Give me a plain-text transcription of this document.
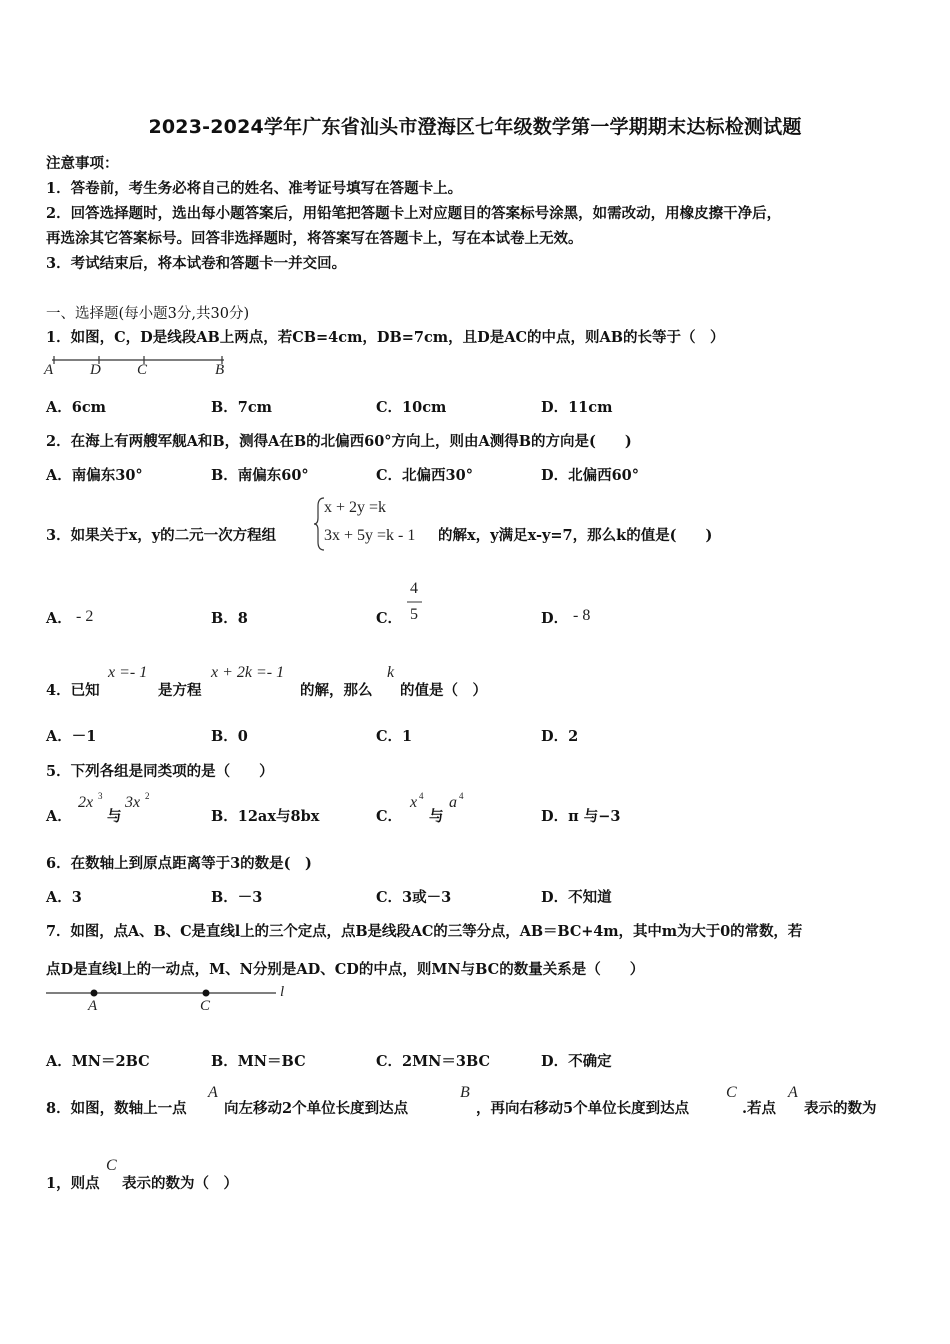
2023-2024学年广东省汕头市澄海区七年级数学第一学期期末达标检测试题
注意事项：
1．答卷前，考生务必将自己的姓名、准考证号填写在答题卡上。
2．回答选择题时，选出每小题答案后，用铅笔把答题卡上对应题目的答案标号涂黑，如需改动，用橡皮擦干净后，
再选涂其它答案标号。回答非选择题时，将答案写在答题卡上，写在本试卷上无效。
3．考试结束后，将本试卷和答题卡一并交回。
一、选择题(每小题3分,共30分)
1．如图，C，D是线段AB上两点，若CB=4cm，DB=7cm，且D是AC的中点，则AB的长等于（　）
A D C	B
A．6cm	B．7cm	C．10cm	D．11cm
2．在海上有两艘军舰A和B，测得A在B的北偏西60°方向上，则由A测得B的方向是(　　)
A．南偏东30°	B．南偏东60°	C．北偏西30°	D．北偏西60°
3．如果关于x，y的二元一次方程组
x + 2y =k
3x + 5y =k - 1 的解x，y满足x-y=7，那么k的值是(　　)
A． - 2	B．8	C．
4
5	D． - 8
4．已知
x =- 1
是方程
x + 2k =- 1
的解，那么
k
的值是（　）
A．－1	B．0	C．1	D．2
5．下列各组是同类项的是（　　）
A．
2x 3
与
3x 2
B．12ax与8bx	C．
x 4
与
a 4
D．π 与−3
6．在数轴上到原点距离等于3的数是(　)
A．3	B．－3	C．3或－3	D．不知道
7．如图，点A、B、C是直线l上的三个定点，点B是线段AC的三等分点，AB＝BC+4m，其中m为大于0的常数，若
点D是直线l上的一动点，M、N分别是AD、CD的中点，则MN与BC的数量关系是（　　）
A	C
l
A．MN＝2BC	B．MN＝BC	C．2MN＝3BC	D．不确定
8．如图，数轴上一点
A
向左移动2个单位长度到达点
B
，再向右移动5个单位长度到达点
C
.若点
A
表示的数为
1，则点
C
表示的数为（　）
